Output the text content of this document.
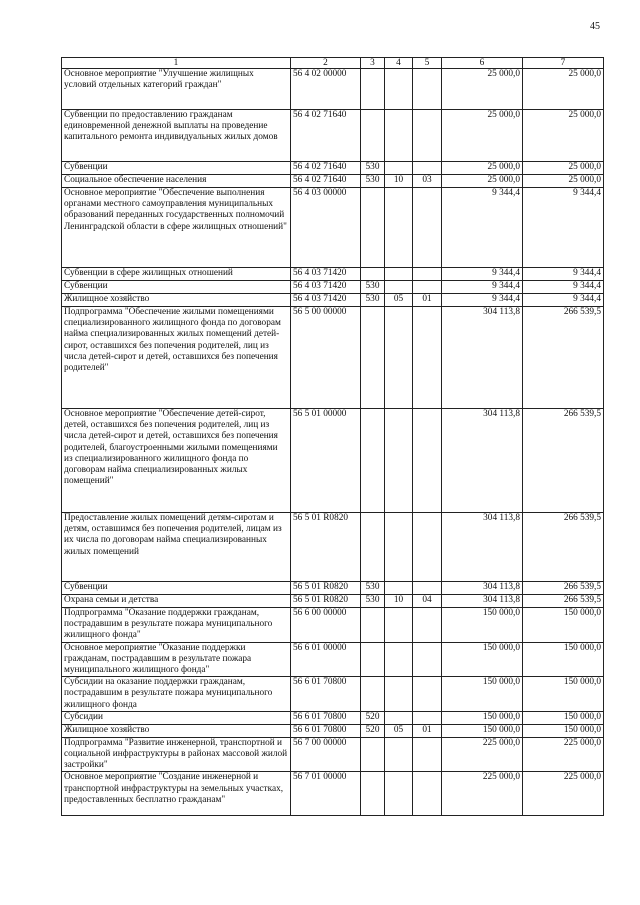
45
1	2	3	4	5	6	7
Основное мероприятие "Улучшение жилищных условий отдельных категорий граждан"	56 4 02 00000				25 000,0	25 000,0
Субвенции по предоставлению гражданам единовременной денежной выплаты на проведение капитального ремонта индивидуальных жилых домов	56 4 02 71640				25 000,0	25 000,0
Субвенции	56 4 02 71640	530			25 000,0	25 000,0
Социальное обеспечение населения	56 4 02 71640	530	10	03	25 000,0	25 000,0
Основное мероприятие "Обеспечение выполнения органами местного самоуправления муниципальных образований переданных государственных полномочий Ленинградской области в сфере жилищных отношений"	56 4 03 00000				9 344,4	9 344,4
Субвенции в сфере жилищных отношений	56 4 03 71420				9 344,4	9 344,4
Субвенции	56 4 03 71420	530			9 344,4	9 344,4
Жилищное хозяйство	56 4 03 71420	530	05	01	9 344,4	9 344,4
Подпрограмма "Обеспечение жилыми помещениями специализированного жилищного фонда по договорам найма специализированных жилых помещений детей-сирот, оставшихся без попечения родителей, лиц из числа детей-сирот и детей, оставшихся без попечения родителей"	56 5 00 00000				304 113,8	266 539,5
Основное мероприятие "Обеспечение детей-сирот, детей, оставшихся без попечения родителей, лиц из числа детей-сирот и детей, оставшихся без попечения родителей, благоустроенными жилыми помещениями из специализированного жилищного фонда по договорам найма специализированных жилых помещений"	56 5 01 00000				304 113,8	266 539,5
Предоставление жилых помещений детям-сиротам и детям, оставшимся без попечения родителей, лицам из их числа по договорам найма специализированных жилых помещений	56 5 01 R0820				304 113,8	266 539,5
Субвенции	56 5 01 R0820	530			304 113,8	266 539,5
Охрана семьи и детства	56 5 01 R0820	530	10	04	304 113,8	266 539,5
Подпрограмма "Оказание поддержки гражданам, пострадавшим в результате пожара муниципального жилищного фонда"	56 6 00 00000				150 000,0	150 000,0
Основное мероприятие "Оказание поддержки гражданам, пострадавшим в результате пожара муниципального жилищного фонда"	56 6 01 00000				150 000,0	150 000,0
Субсидии на оказание поддержки гражданам, пострадавшим в результате пожара муниципального жилищного фонда	56 6 01 70800				150 000,0	150 000,0
Субсидии	56 6 01 70800	520			150 000,0	150 000,0
Жилищное хозяйство	56 6 01 70800	520	05	01	150 000,0	150 000,0
Подпрограмма "Развитие инженерной, транспортной и социальной инфраструктуры в районах массовой жилой застройки"	56 7 00 00000				225 000,0	225 000,0
Основное мероприятие "Создание инженерной и транспортной инфраструктуры на земельных участках, предоставленных бесплатно гражданам"	56 7 01 00000				225 000,0	225 000,0
